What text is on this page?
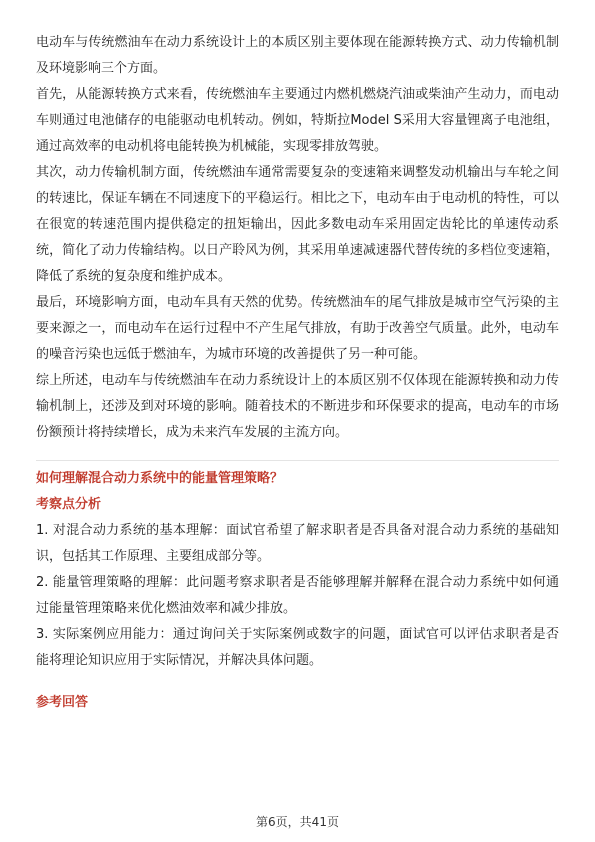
电动车与传统燃油车在动力系统设计上的本质区别主要体现在能源转换方式、动力传输机制及环境影响三个方面。

首先，从能源转换方式来看，传统燃油车主要通过内燃机燃烧汽油或柴油产生动力，而电动车则通过电池储存的电能驱动电机转动。例如，特斯拉Model S采用大容量锂离子电池组，通过高效率的电动机将电能转换为机械能，实现零排放驾驶。

其次，动力传输机制方面，传统燃油车通常需要复杂的变速箱来调整发动机输出与车轮之间的转速比，保证车辆在不同速度下的平稳运行。相比之下，电动车由于电动机的特性，可以在很宽的转速范围内提供稳定的扭矩输出，因此多数电动车采用固定齿轮比的单速传动系统，简化了动力传输结构。以日产聆风为例，其采用单速减速器代替传统的多档位变速箱，降低了系统的复杂度和维护成本。

最后，环境影响方面，电动车具有天然的优势。传统燃油车的尾气排放是城市空气污染的主要来源之一，而电动车在运行过程中不产生尾气排放，有助于改善空气质量。此外，电动车的噪音污染也远低于燃油车，为城市环境的改善提供了另一种可能。

综上所述，电动车与传统燃油车在动力系统设计上的本质区别不仅体现在能源转换和动力传输机制上，还涉及到对环境的影响。随着技术的不断进步和环保要求的提高，电动车的市场份额预计将持续增长，成为未来汽车发展的主流方向。

如何理解混合动力系统中的能量管理策略？

考察点分析

1. 对混合动力系统的基本理解：面试官希望了解求职者是否具备对混合动力系统的基础知识，包括其工作原理、主要组成部分等。

2. 能量管理策略的理解：此问题考察求职者是否能够理解并解释在混合动力系统中如何通过能量管理策略来优化燃油效率和减少排放。

3. 实际案例应用能力：通过询问关于实际案例或数字的问题，面试官可以评估求职者是否能将理论知识应用于实际情况，并解决具体问题。

参考回答

第6页，共41页
